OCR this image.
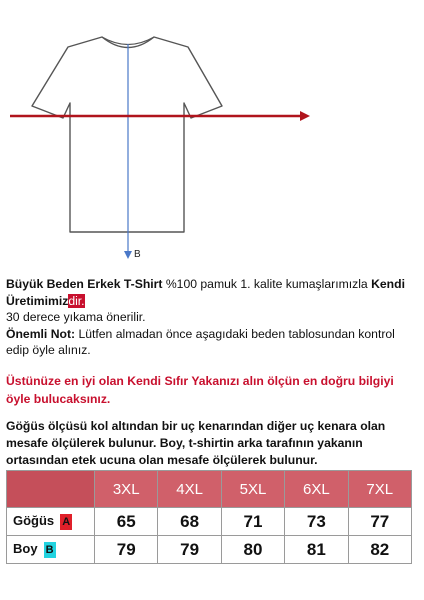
B
Büyük Beden Erkek T-Shirt %100 pamuk 1. kalite kumaşlarımızla Kendi Üretimimizdir.
30 derece yıkama önerilir.
Önemli Not: Lütfen almadan önce aşagıdaki beden tablosundan kontrol edip öyle alınız.
Üstünüze en iyi olan Kendi Sıfır Yakanızı alın ölçün en doğru bilgiyi öyle bulucaksınız.
Göğüs ölçüsü kol altından bir uç kenarından diğer uç kenara olan mesafe ölçülerek bulunur. Boy, t-shirtin arka tarafının yakanın ortasından etek ucuna olan mesafe ölçülerek bulunur.
	3XL	4XL	5XL	6XL	7XL
Göğüs A	65	68	71	73	77
Boy B	79	79	80	81	82
